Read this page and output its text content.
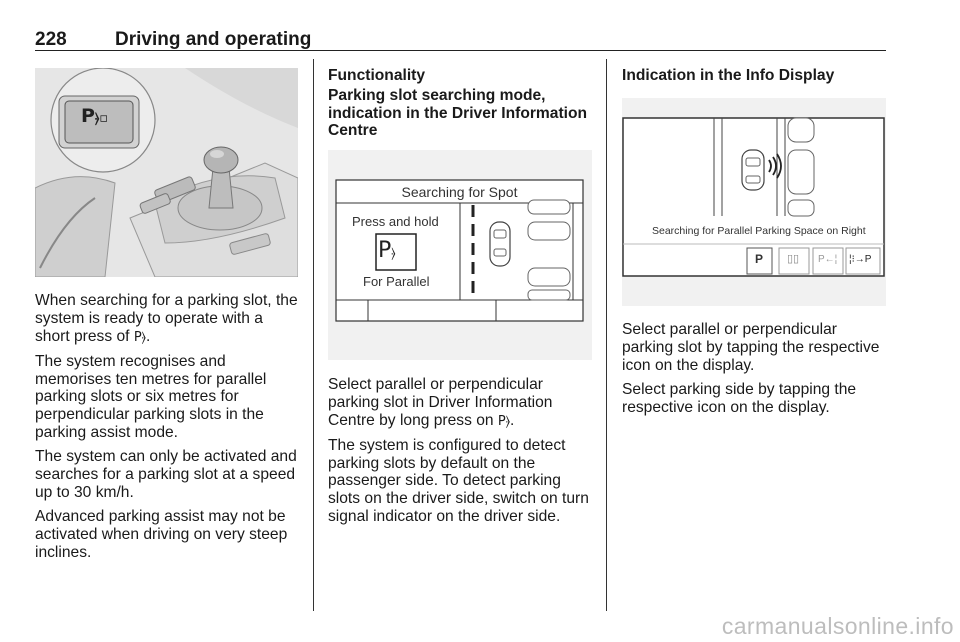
228	Driving and operating
P⦒▫

When searching for a parking slot, the system is ready to operate with a short press of P⦒.

The system recognises and memorises ten metres for parallel parking slots or six metres for perpendicular parking slots in the parking assist mode.

The system can only be activated and searches for a parking slot at a speed up to 30 km/h.

Advanced parking assist may not be activated when driving on very steep inclines.

Functionality
Parking slot searching mode, indication in the Driver Information Centre
Searching for Spot
Press and hold
P⦒
For Parallel

Select parallel or perpendicular parking slot in Driver Information Centre by long press on P⦒.

The system is configured to detect parking slots by default on the passenger side. To detect parking slots on the driver side, switch on turn signal indicator on the driver side.

Indication in the Info Display
Searching for Parallel Parking Space on Right
P ▯▯ P←¦ ¦⁝→P

Select parallel or perpendicular parking slot by tapping the respective icon on the display.

Select parking side by tapping the respective icon on the display.

carmanualsonline.info
